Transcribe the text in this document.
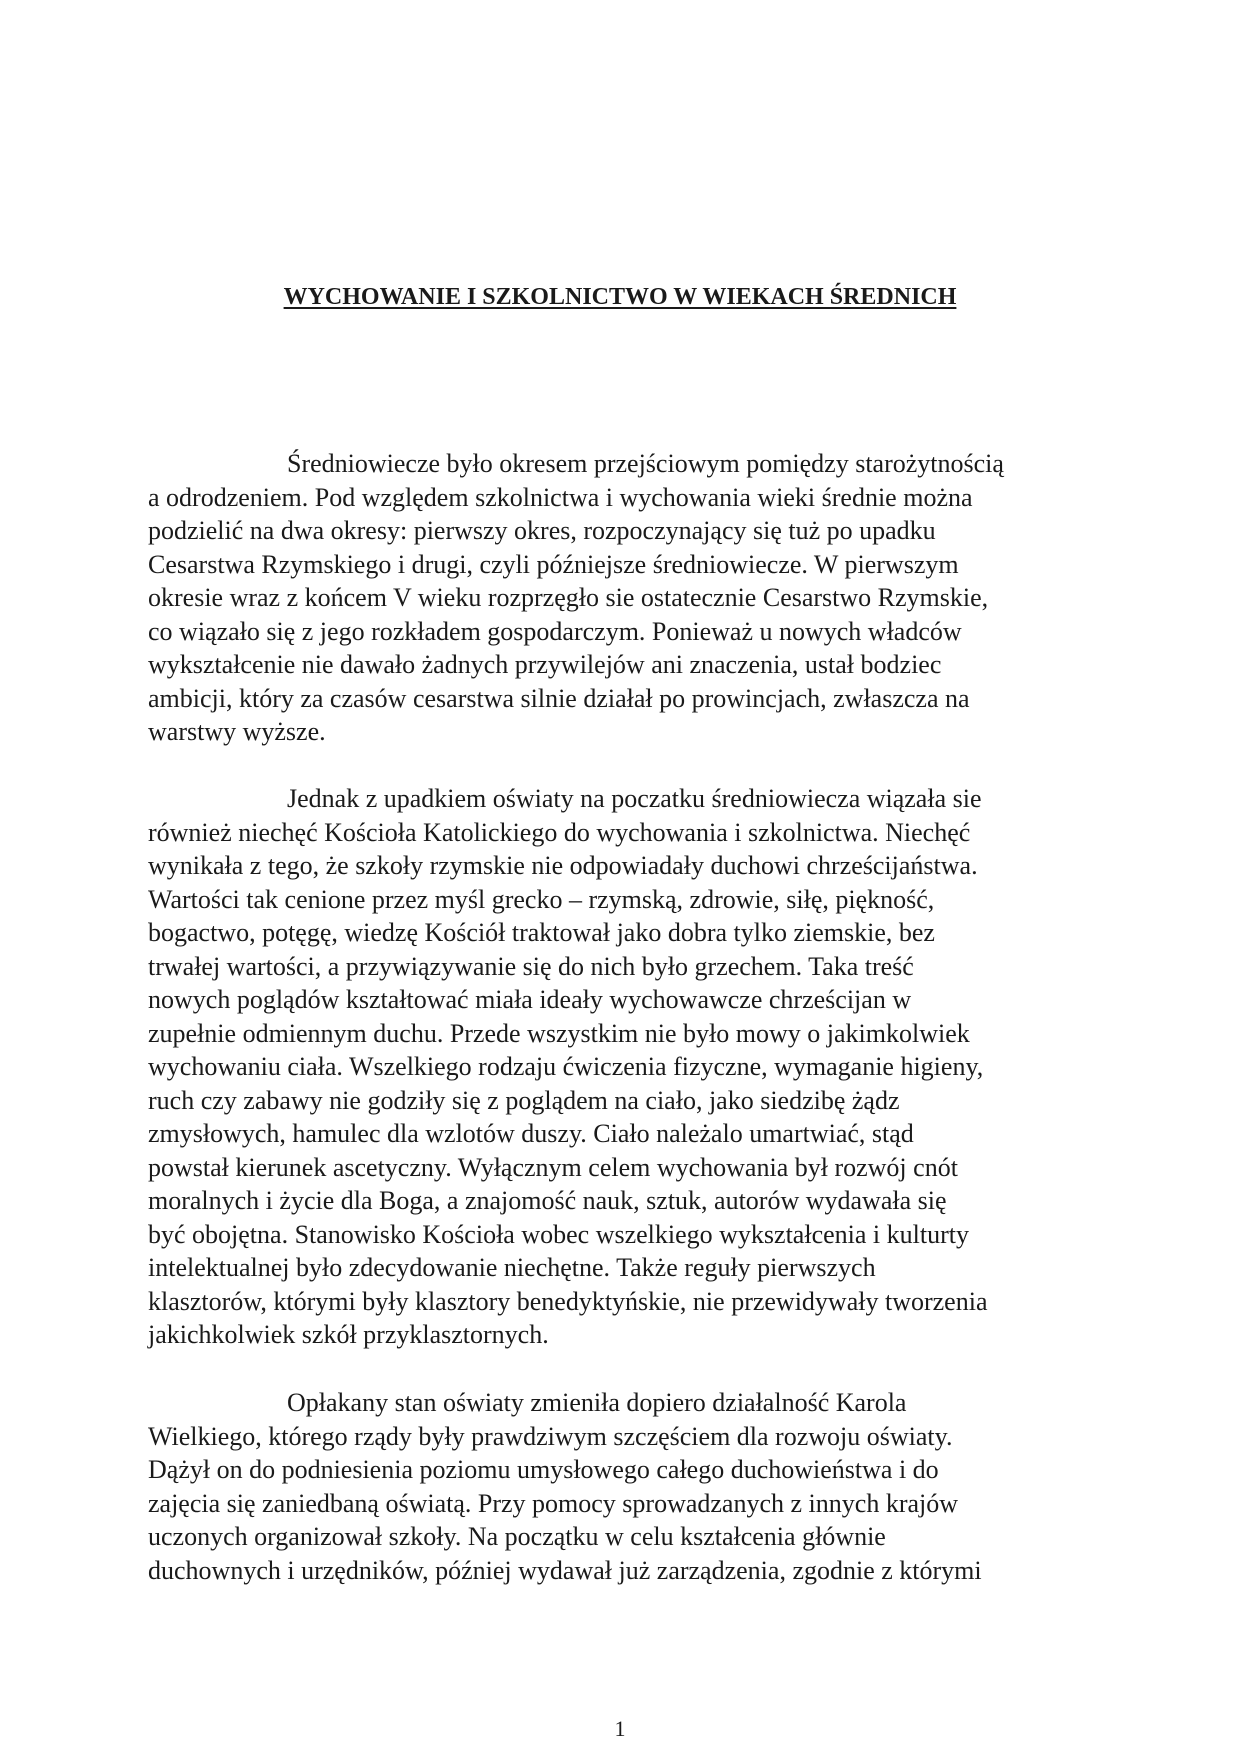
WYCHOWANIE I SZKOLNICTWO W WIEKACH ŚREDNICH

Średniowiecze było okresem przejściowym pomiędzy starożytnością
a odrodzeniem. Pod względem szkolnictwa i wychowania wieki średnie można
podzielić na dwa okresy: pierwszy okres, rozpoczynający się tuż po upadku
Cesarstwa Rzymskiego i drugi, czyli późniejsze średniowiecze. W pierwszym
okresie wraz z końcem V wieku rozprzęgło sie ostatecznie Cesarstwo Rzymskie,
co wiązało się z jego rozkładem gospodarczym. Ponieważ u nowych władców
wykształcenie nie dawało żadnych przywilejów ani znaczenia, ustał bodziec
ambicji, który za czasów cesarstwa silnie działał po prowincjach, zwłaszcza na
warstwy wyższe.

Jednak z upadkiem oświaty na poczatku średniowiecza wiązała sie
również niechęć Kościoła Katolickiego do wychowania i szkolnictwa. Niechęć
wynikała z tego, że szkoły rzymskie nie odpowiadały duchowi chrześcijaństwa.
Wartości tak cenione przez myśl grecko – rzymską, zdrowie, siłę, piękność,
bogactwo, potęgę, wiedzę Kościół traktował jako dobra tylko ziemskie, bez
trwałej wartości, a przywiązywanie się do nich było grzechem. Taka treść
nowych poglądów kształtować miała ideały wychowawcze chrześcijan w
zupełnie odmiennym duchu. Przede wszystkim nie było mowy o jakimkolwiek
wychowaniu ciała. Wszelkiego rodzaju ćwiczenia fizyczne, wymaganie higieny,
ruch czy zabawy nie godziły się z poglądem na ciało, jako siedzibę żądz
zmysłowych, hamulec dla wzlotów duszy. Ciało należalo umartwiać, stąd
powstał kierunek ascetyczny. Wyłącznym celem wychowania był rozwój cnót
moralnych i życie dla Boga, a znajomość nauk, sztuk, autorów wydawała się
być obojętna. Stanowisko Kościoła wobec wszelkiego wykształcenia i kulturty
intelektualnej było zdecydowanie niechętne. Także reguły pierwszych
klasztorów, którymi były klasztory benedyktyńskie, nie przewidywały tworzenia
jakichkolwiek szkół przyklasztornych.

Opłakany stan oświaty zmieniła dopiero działalność Karola
Wielkiego, którego rządy były prawdziwym szczęściem dla rozwoju oświaty.
Dążył on do podniesienia poziomu umysłowego całego duchowieństwa i do
zajęcia się zaniedbaną oświatą. Przy pomocy sprowadzanych z innych krajów
uczonych organizował szkoły. Na początku w celu kształcenia głównie
duchownych i urzędników, później wydawał już zarządzenia, zgodnie z którymi

1
